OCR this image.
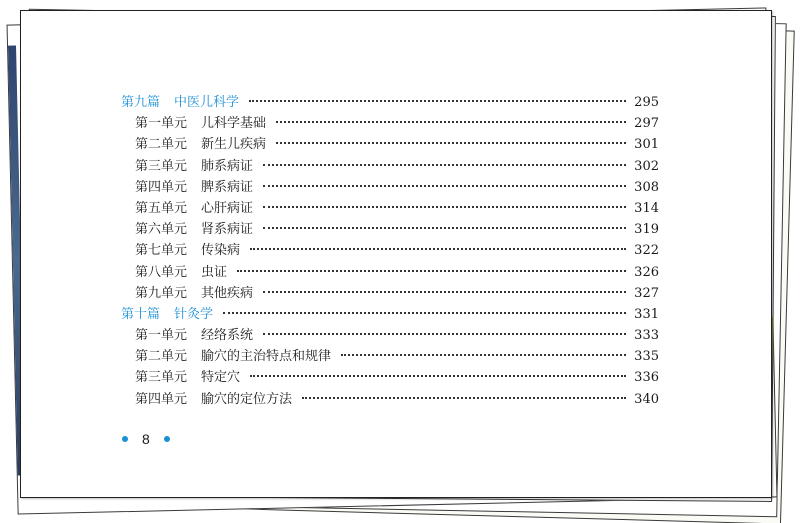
第九篇 中医儿科学	295
第一单元 儿科学基础	297
第二单元 新生儿疾病	301
第三单元 肺系病证	302
第四单元 脾系病证	308
第五单元 心肝病证	314
第六单元 肾系病证	319
第七单元 传染病	322
第八单元 虫证	326
第九单元 其他疾病	327
第十篇 针灸学	331
第一单元 经络系统	333
第二单元 腧穴的主治特点和规律	335
第三单元 特定穴	336
第四单元 腧穴的定位方法	340
8
